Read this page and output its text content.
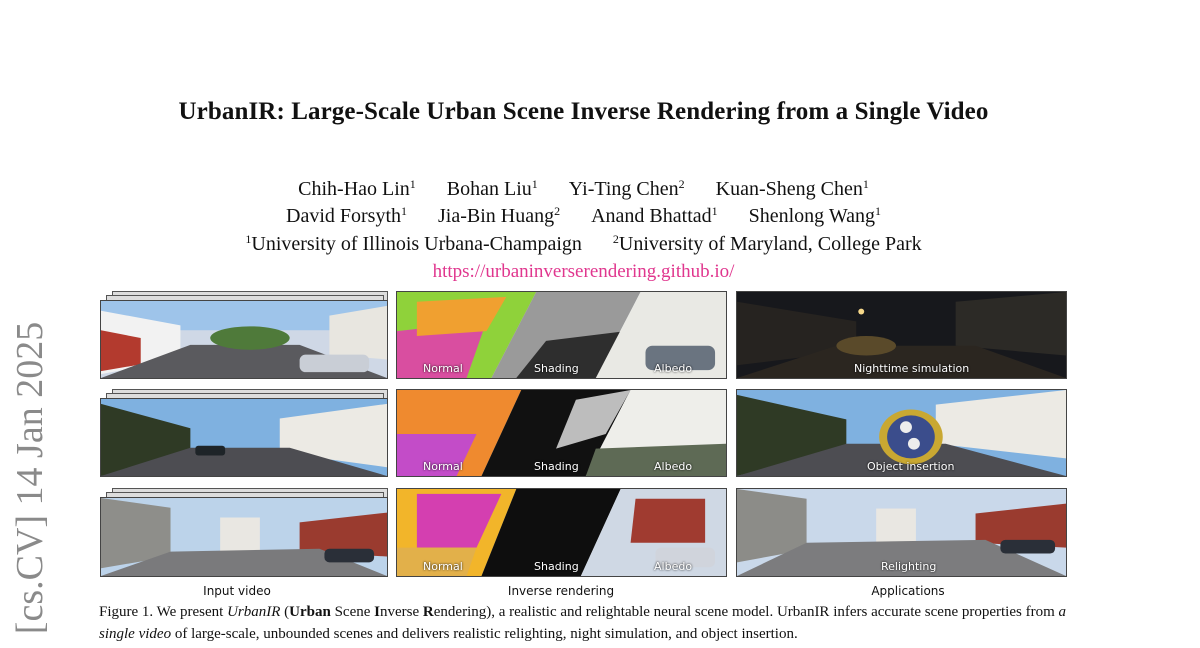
UrbanIR: Large-Scale Urban Scene Inverse Rendering from a Single Video
Chih-Hao Lin$^1$ Bohan Liu$^1$ Yi-Ting Chen$^2$ Kuan-Sheng Chen$^1$
David Forsyth$^1$ Jia-Bin Huang$^2$ Anand Bhattad$^1$ Shenlong Wang$^1$
$^1$University of Illinois Urbana-Champaign	$^2$University of Maryland, College Park
https://urbaninverserendering.github.io/
[cs.CV] 14 Jan 2025	Normal	Shading	Albedo
Normal	Shading	Albedo
Normal	Shading	Albedo
Nighttime simulation
Object insertion
Relighting
Input video	Inverse rendering	Applications
Figure 1. We present UrbanIR (Urban Scene Inverse Rendering), a realistic and relightable neural scene model. UrbanIR infers accurate scene properties from a single video of large-scale, unbounded scenes and delivers realistic relighting, night simulation, and object insertion.
